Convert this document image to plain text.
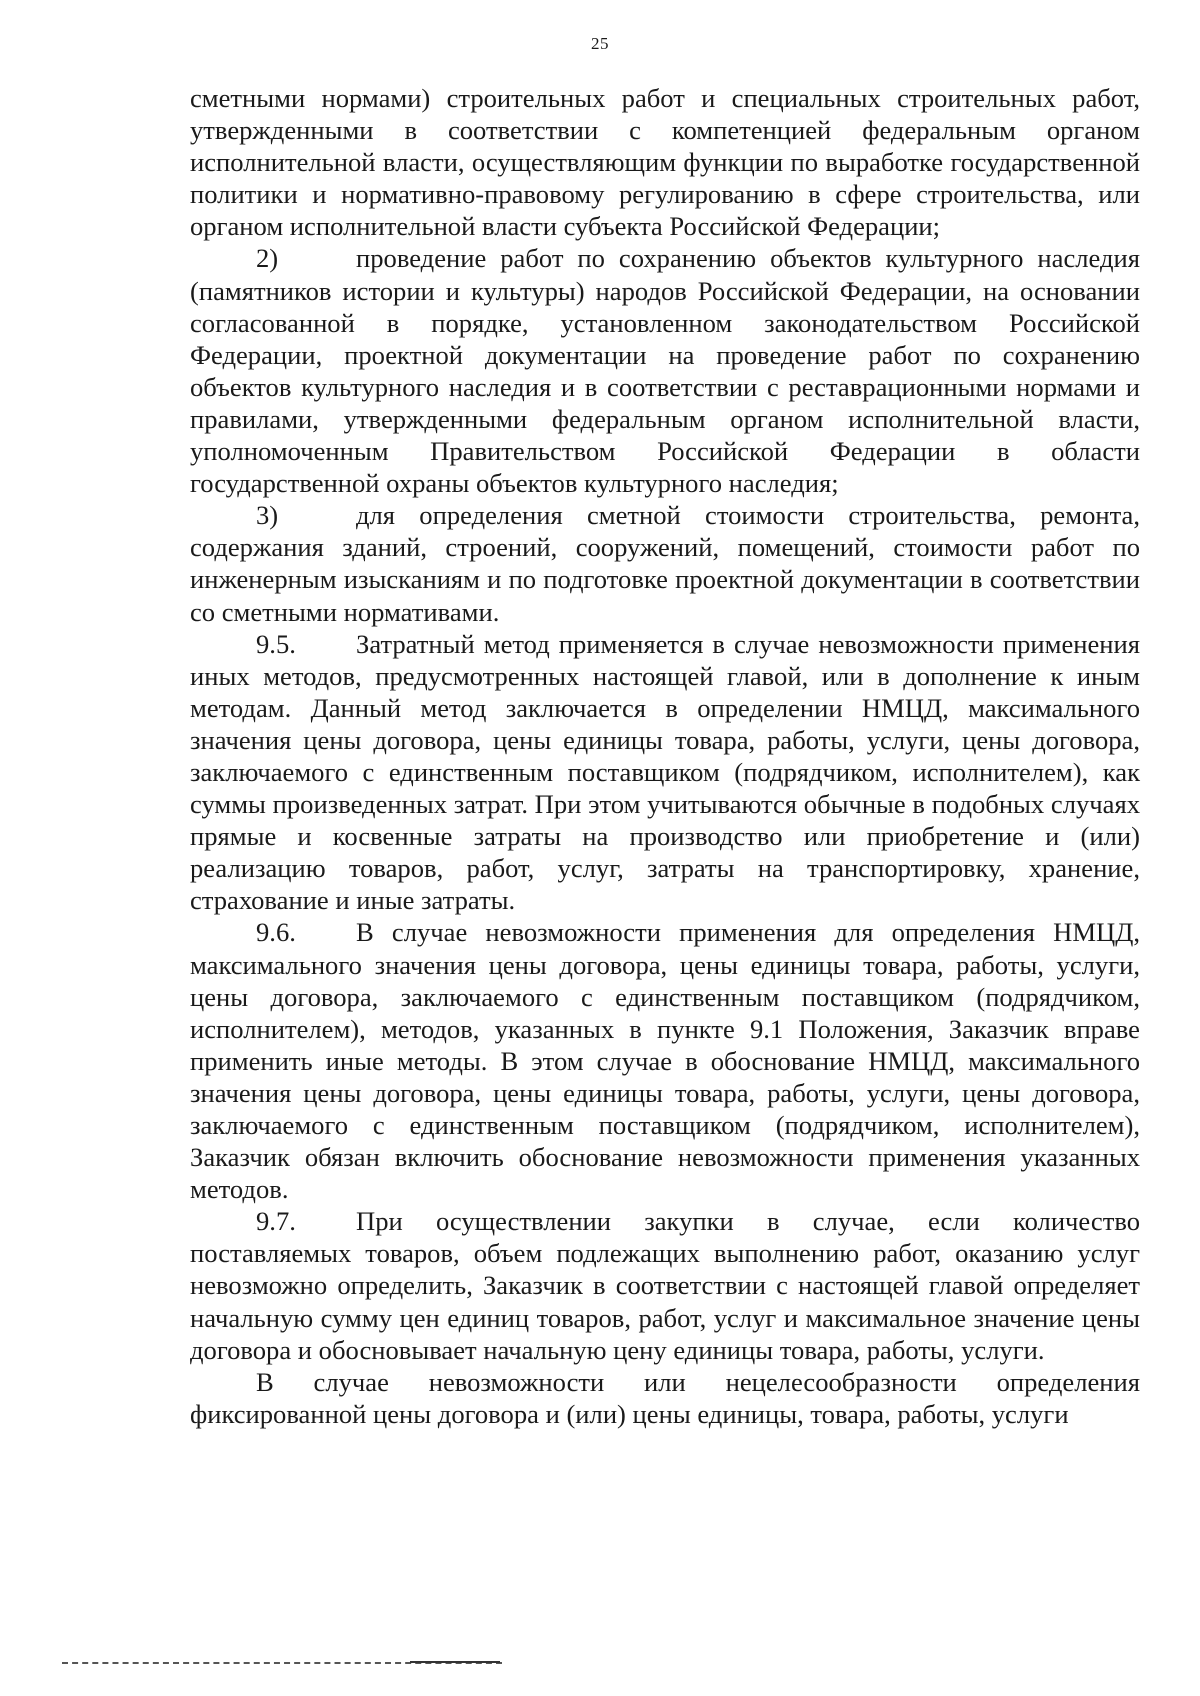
25

сметными нормами) строительных работ и специальных строительных работ, утвержденными в соответствии с компетенцией федеральным органом исполнительной власти, осуществляющим функции по выработке государственной политики и нормативно-правовому регулированию в сфере строительства, или органом исполнительной власти субъекта Российской Федерации;

2)	проведение работ по сохранению объектов культурного наследия (памятников истории и культуры) народов Российской Федерации, на основании согласованной в порядке, установленном законодательством Российской Федерации, проектной документации на проведение работ по сохранению объектов культурного наследия и в соответствии с реставрационными нормами и правилами, утвержденными федеральным органом исполнительной власти, уполномоченным Правительством Российской Федерации в области государственной охраны объектов культурного наследия;

3)	для определения сметной стоимости строительства, ремонта, содержания зданий, строений, сооружений, помещений, стоимости работ по инженерным изысканиям и по подготовке проектной документации в соответствии со сметными нормативами.

9.5. Затратный метод применяется в случае невозможности применения иных методов, предусмотренных настоящей главой, или в дополнение к иным методам. Данный метод заключается в определении НМЦД, максимального значения цены договора, цены единицы товара, работы, услуги, цены договора, заключаемого с единственным поставщиком (подрядчиком, исполнителем), как суммы произведенных затрат. При этом учитываются обычные в подобных случаях прямые и косвенные затраты на производство или приобретение и (или) реализацию товаров, работ, услуг, затраты на транспортировку, хранение, страхование и иные затраты.

9.6. В случае невозможности применения для определения НМЦД, максимального значения цены договора, цены единицы товара, работы, услуги, цены договора, заключаемого с единственным поставщиком (подрядчиком, исполнителем), методов, указанных в пункте 9.1 Положения, Заказчик вправе применить иные методы. В этом случае в обоснование НМЦД, максимального значения цены договора, цены единицы товара, работы, услуги, цены договора, заключаемого с единственным поставщиком (подрядчиком, исполнителем), Заказчик обязан включить обоснование невозможности применения указанных методов.

9.7. При осуществлении закупки в случае, если количество поставляемых товаров, объем подлежащих выполнению работ, оказанию услуг невозможно определить, Заказчик в соответствии с настоящей главой определяет начальную сумму цен единиц товаров, работ, услуг и максимальное значение цены договора и обосновывает начальную цену единицы товара, работы, услуги.

В случае невозможности или нецелесообразности определения фиксированной цены договора и (или) цены единицы, товара, работы, услуги
